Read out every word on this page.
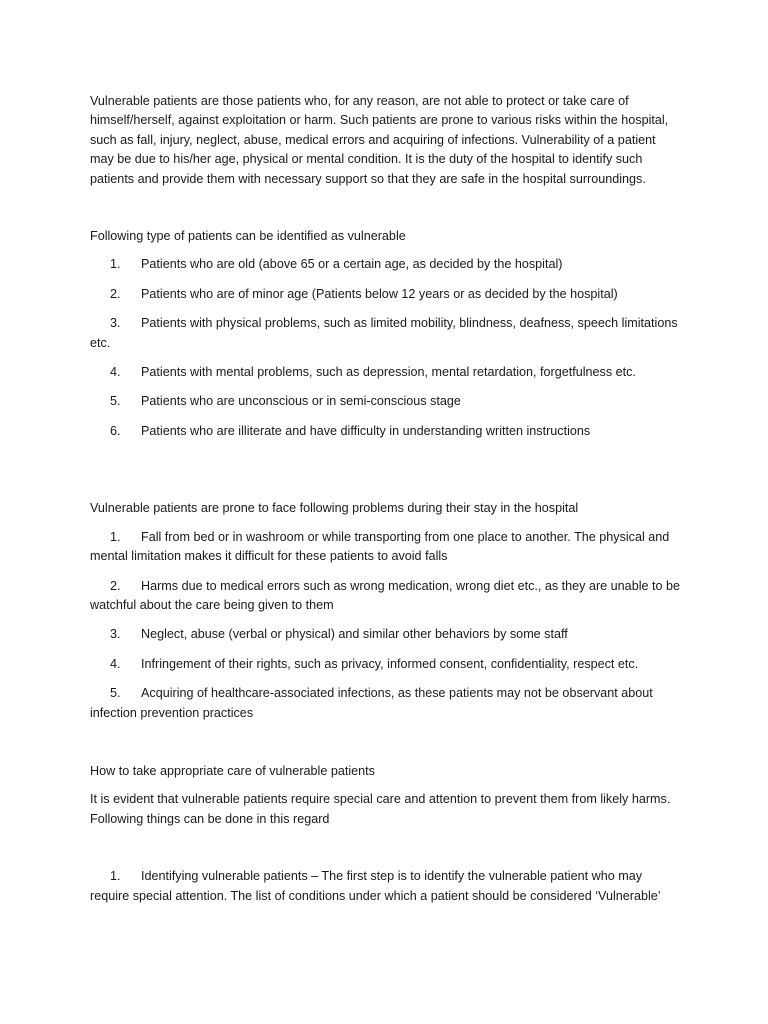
Vulnerable patients are those patients who, for any reason, are not able to protect or take care of himself/herself, against exploitation or harm. Such patients are prone to various risks within the hospital, such as fall, injury, neglect, abuse, medical errors and acquiring of infections. Vulnerability of a patient may be due to his/her age, physical or mental condition. It is the duty of the hospital to identify such patients and provide them with necessary support so that they are safe in the hospital surroundings.

Following type of patients can be identified as vulnerable

1. Patients who are old (above 65 or a certain age, as decided by the hospital)
2. Patients who are of minor age (Patients below 12 years or as decided by the hospital)
3. Patients with physical problems, such as limited mobility, blindness, deafness, speech limitations etc.
4. Patients with mental problems, such as depression, mental retardation, forgetfulness etc.
5. Patients who are unconscious or in semi-conscious stage
6. Patients who are illiterate and have difficulty in understanding written instructions

Vulnerable patients are prone to face following problems during their stay in the hospital

1. Fall from bed or in washroom or while transporting from one place to another. The physical and mental limitation makes it difficult for these patients to avoid falls
2. Harms due to medical errors such as wrong medication, wrong diet etc., as they are unable to be watchful about the care being given to them
3. Neglect, abuse (verbal or physical) and similar other behaviors by some staff
4. Infringement of their rights, such as privacy, informed consent, confidentiality, respect etc.
5. Acquiring of healthcare-associated infections, as these patients may not be observant about infection prevention practices

How to take appropriate care of vulnerable patients

It is evident that vulnerable patients require special care and attention to prevent them from likely harms. Following things can be done in this regard

1. Identifying vulnerable patients – The first step is to identify the vulnerable patient who may require special attention. The list of conditions under which a patient should be considered ‘Vulnerable’
